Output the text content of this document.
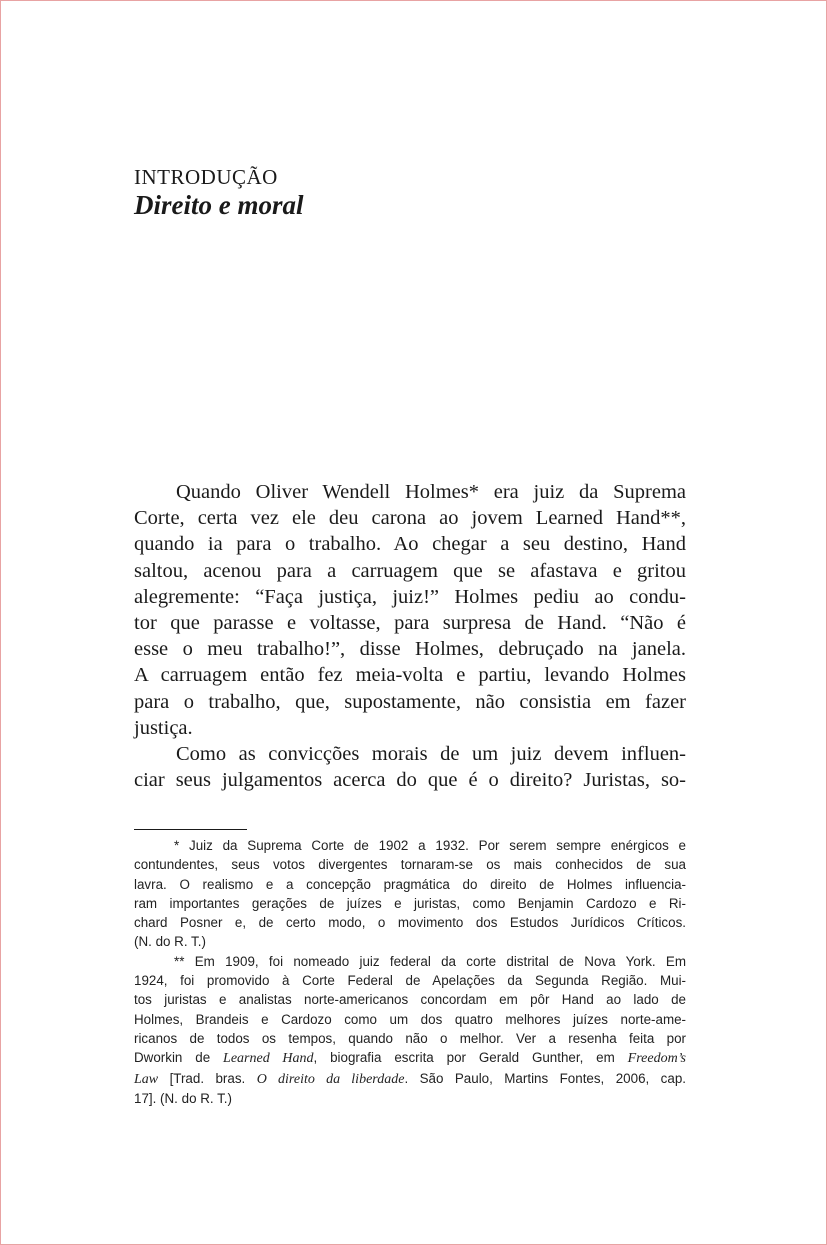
INTRODUÇÃO
Direito e moral
Quando Oliver Wendell Holmes* era juiz da Suprema
Corte, certa vez ele deu carona ao jovem Learned Hand**,
quando ia para o trabalho. Ao chegar a seu destino, Hand
saltou, acenou para a carruagem que se afastava e gritou
alegremente: “Faça justiça, juiz!” Holmes pediu ao condu-
tor que parasse e voltasse, para surpresa de Hand. “Não é
esse o meu trabalho!”, disse Holmes, debruçado na janela.
A carruagem então fez meia-volta e partiu, levando Holmes
para o trabalho, que, supostamente, não consistia em fazer
justiça.
Como as convicções morais de um juiz devem influen-
ciar seus julgamentos acerca do que é o direito? Juristas, so-
* Juiz da Suprema Corte de 1902 a 1932. Por serem sempre enérgicos e
contundentes, seus votos divergentes tornaram-se os mais conhecidos de sua
lavra. O realismo e a concepção pragmática do direito de Holmes influencia-
ram importantes gerações de juízes e juristas, como Benjamin Cardozo e Ri-
chard Posner e, de certo modo, o movimento dos Estudos Jurídicos Críticos.
(N. do R. T.)
** Em 1909, foi nomeado juiz federal da corte distrital de Nova York. Em
1924, foi promovido à Corte Federal de Apelações da Segunda Região. Mui-
tos juristas e analistas norte-americanos concordam em pôr Hand ao lado de
Holmes, Brandeis e Cardozo como um dos quatro melhores juízes norte-ame-
ricanos de todos os tempos, quando não o melhor. Ver a resenha feita por
Dworkin de Learned Hand, biografia escrita por Gerald Gunther, em Freedom’s
Law [Trad. bras. O direito da liberdade. São Paulo, Martins Fontes, 2006, cap.
17]. (N. do R. T.)
